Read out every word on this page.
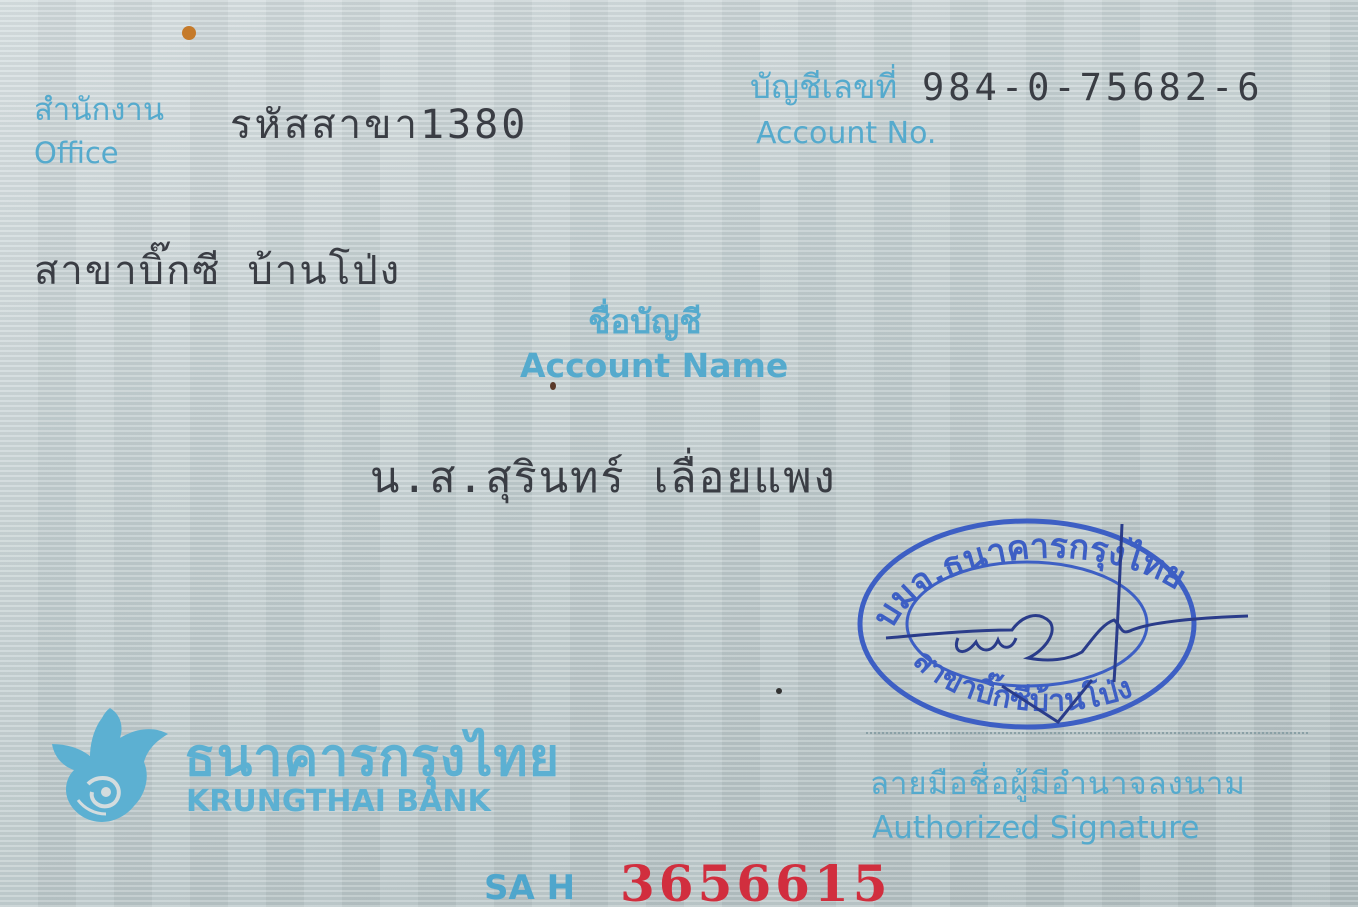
สำนักงาน
Office
รหัสสาขา1380
สาขาบิ๊กซี บ้านโป่ง
บัญชีเลขที่
Account No.
984-0-75682-6
ชื่อบัญชี
Account Name
น.ส.สุรินทร์ เลื่อยแพง
ธนาคารกรุงไทย
KRUNGTHAI BANK
บมจ.ธนาคารกรุงไทย
สาขาบิ๊กซีบ้านโป่ง
ลายมือชื่อผู้มีอำนาจลงนาม
Authorized Signature
SA H 3656615
